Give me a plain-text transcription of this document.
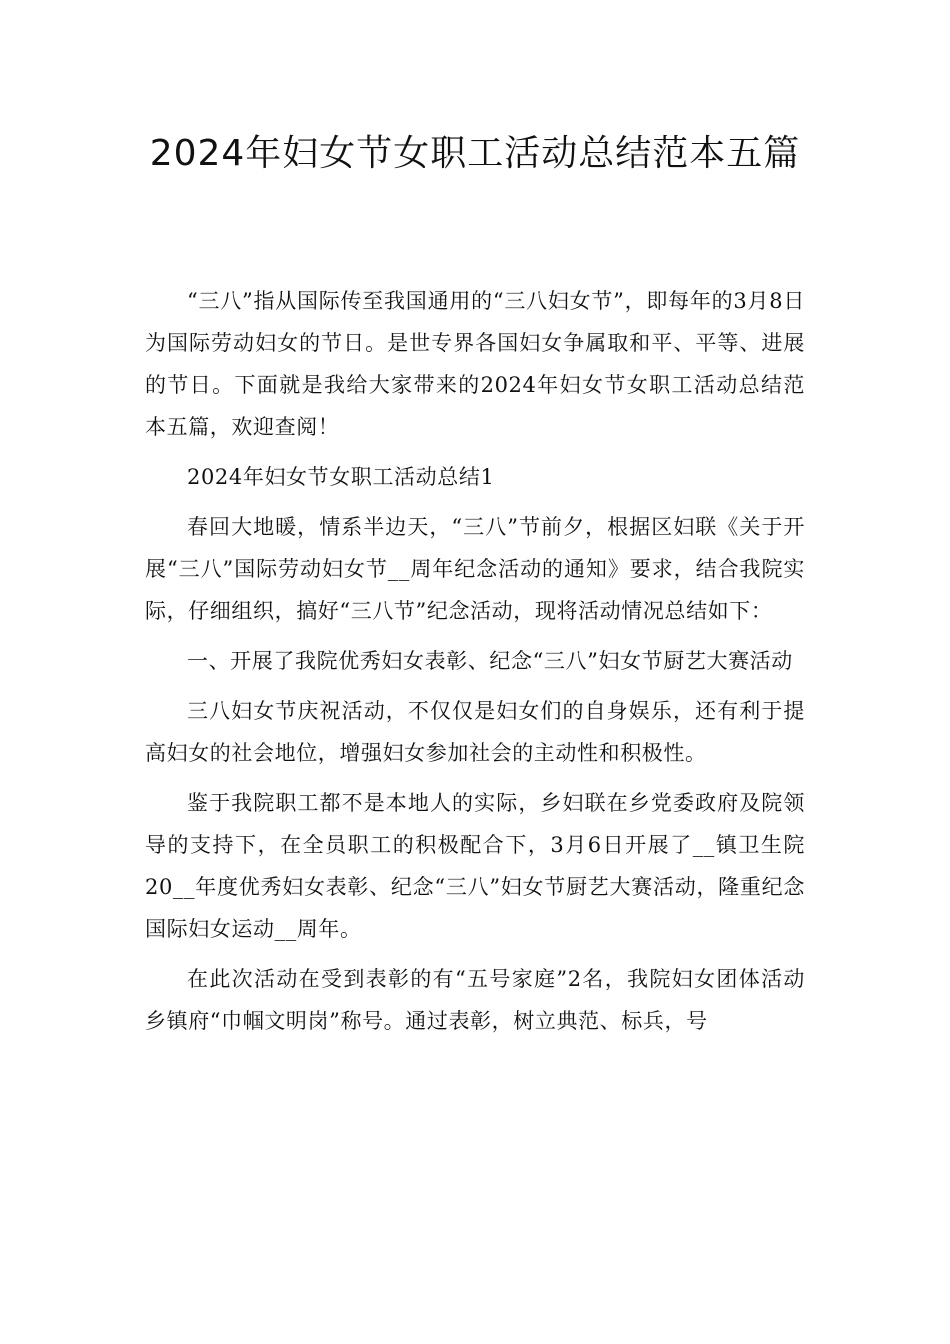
2024年妇女节女职工活动总结范本五篇

“三八”指从国际传至我国通用的“三八妇女节”，即每年的3月8日为国际劳动妇女的节日。是世专界各国妇女争属取和平、平等、进展的节日。下面就是我给大家带来的2024年妇女节女职工活动总结范本五篇，欢迎查阅！

2024年妇女节女职工活动总结1

春回大地暖，情系半边天，“三八”节前夕，根据区妇联《关于开展“三八”国际劳动妇女节__周年纪念活动的通知》要求，结合我院实际，仔细组织，搞好“三八节”纪念活动，现将活动情况总结如下：

一、开展了我院优秀妇女表彰、纪念“三八”妇女节厨艺大赛活动

三八妇女节庆祝活动，不仅仅是妇女们的自身娱乐，还有利于提高妇女的社会地位，增强妇女参加社会的主动性和积极性。

鉴于我院职工都不是本地人的实际，乡妇联在乡党委政府及院领导的支持下，在全员职工的积极配合下，3月6日开展了__镇卫生院20__年度优秀妇女表彰、纪念“三八”妇女节厨艺大赛活动，隆重纪念国际妇女运动__周年。

在此次活动在受到表彰的有“五号家庭”2名，我院妇女团体活动乡镇府“巾帼文明岗”称号。通过表彰，树立典范、标兵，号
